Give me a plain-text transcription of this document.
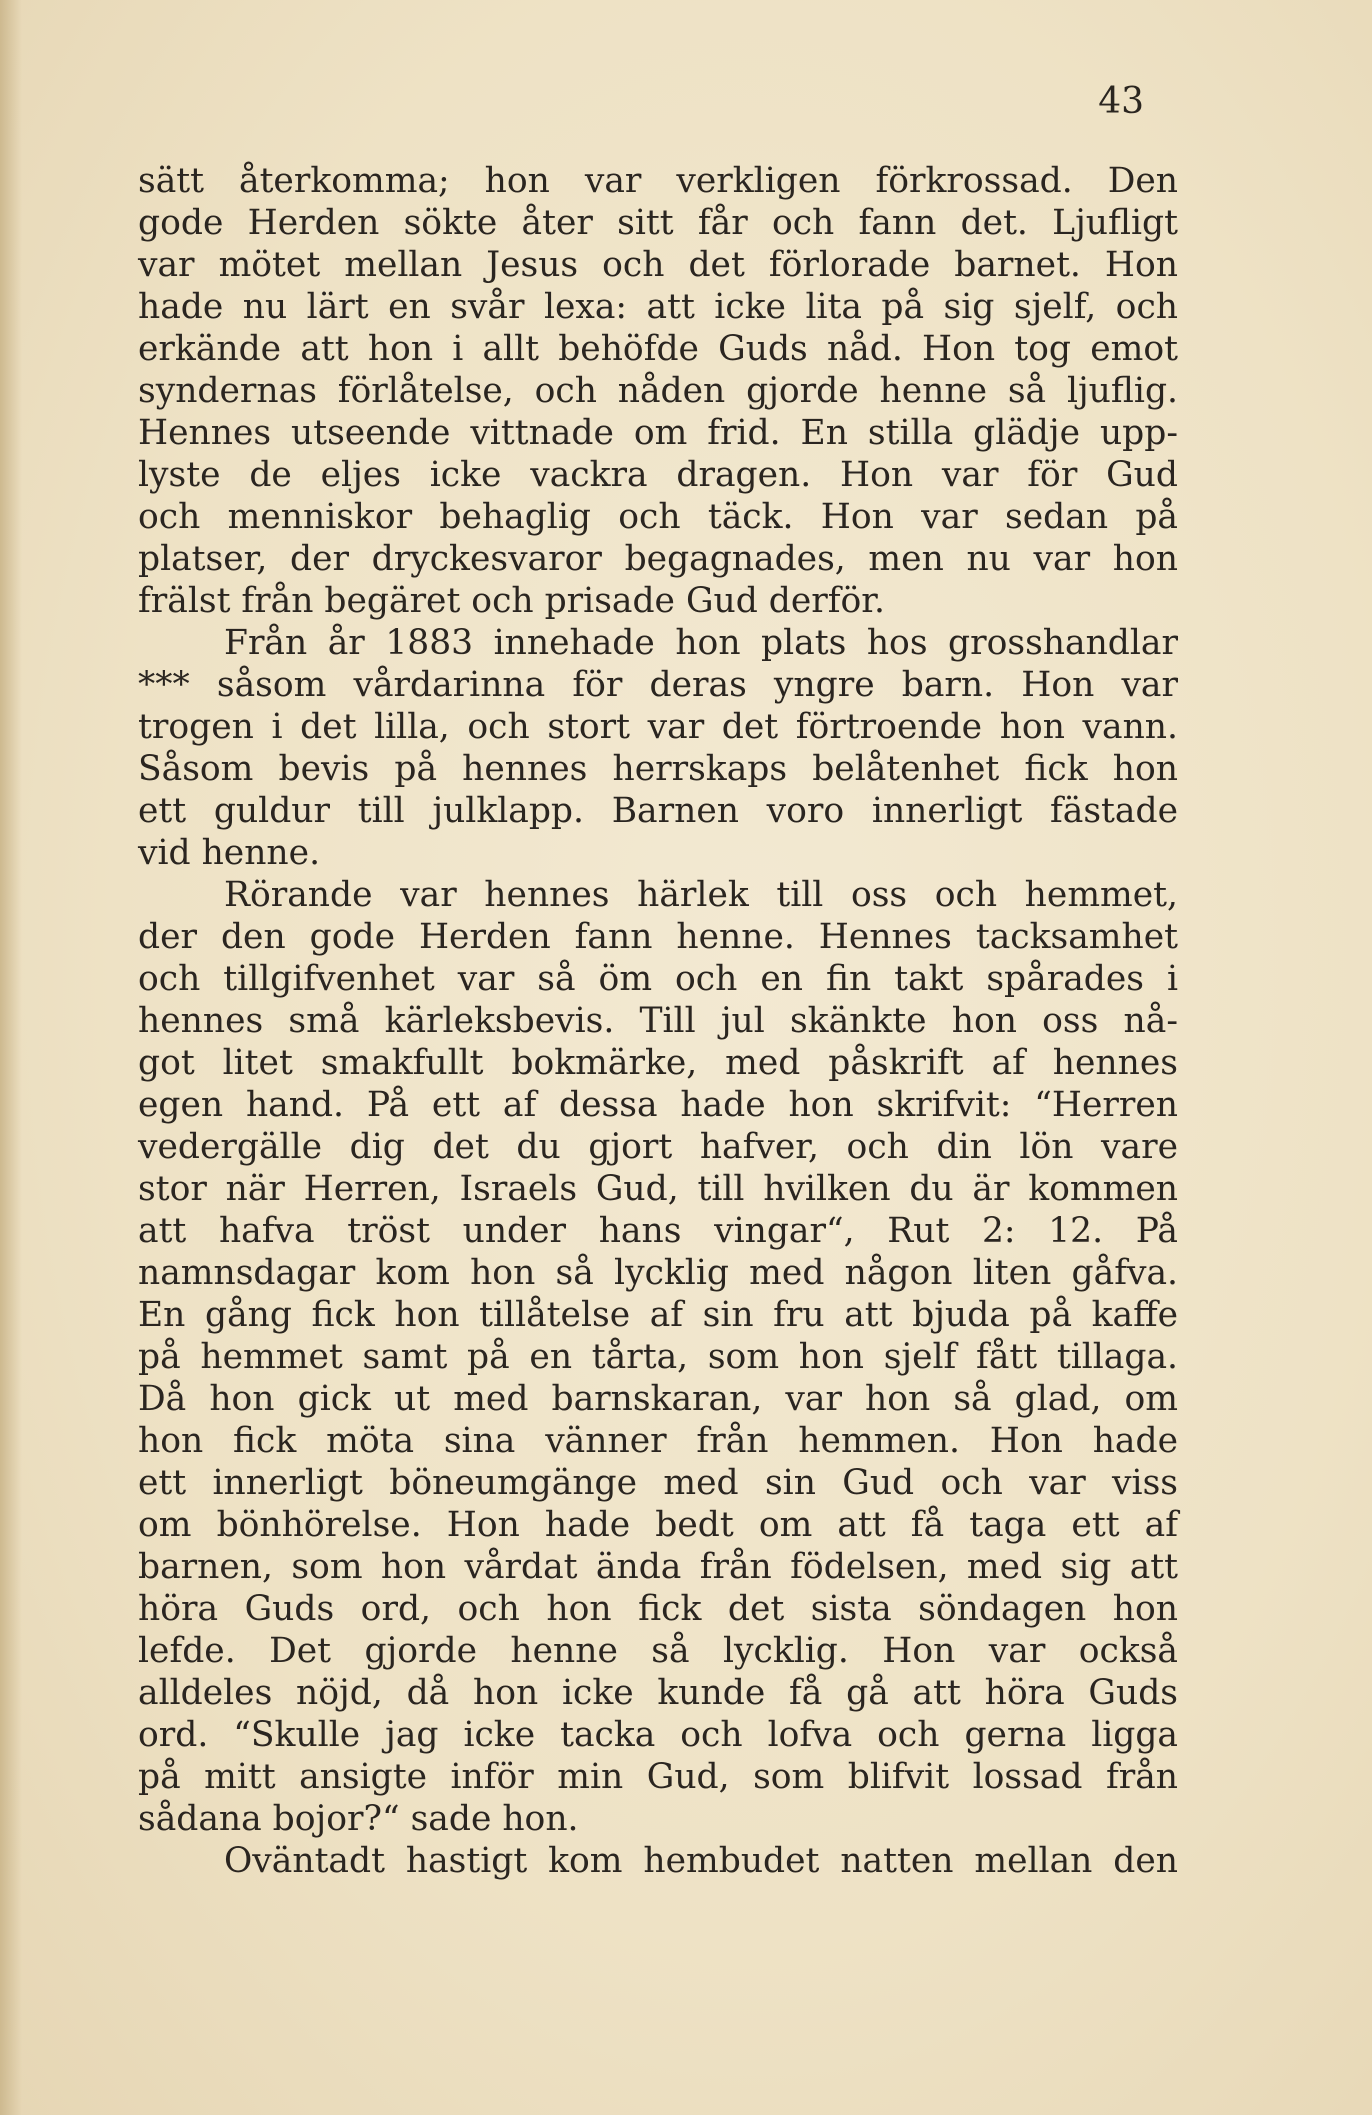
43

sätt återkomma; hon var verkligen förkrossad. Den

gode Herden sökte åter sitt får och fann det. Ljufligt

var mötet mellan Jesus och det förlorade barnet. Hon

hade nu lärt en svår lexa: att icke lita på sig sjelf, och

erkände att hon i allt behöfde Guds nåd. Hon tog emot

syndernas förlåtelse, och nåden gjorde henne så ljuflig.

Hennes utseende vittnade om frid. En stilla glädje upp-

lyste de eljes icke vackra dragen. Hon var för Gud

och menniskor behaglig och täck. Hon var sedan på

platser, der dryckesvaror begagnades, men nu var hon

frälst från begäret och prisade Gud derför.

Från år 1883 innehade hon plats hos grosshandlar

*** såsom vårdarinna för deras yngre barn. Hon var

trogen i det lilla, och stort var det förtroende hon vann.

Såsom bevis på hennes herrskaps belåtenhet fick hon

ett guldur till julklapp. Barnen voro innerligt fästade

vid henne.

Rörande var hennes härlek till oss och hemmet,

der den gode Herden fann henne. Hennes tacksamhet

och tillgifvenhet var så öm och en fin takt spårades i

hennes små kärleksbevis. Till jul skänkte hon oss nå-

got litet smakfullt bokmärke, med påskrift af hennes

egen hand. På ett af dessa hade hon skrifvit: “Herren

vedergälle dig det du gjort hafver, och din lön vare

stor när Herren, Israels Gud, till hvilken du är kommen

att hafva tröst under hans vingar“, Rut 2: 12. På

namnsdagar kom hon så lycklig med någon liten gåfva.

En gång fick hon tillåtelse af sin fru att bjuda på kaffe

på hemmet samt på en tårta, som hon sjelf fått tillaga.

Då hon gick ut med barnskaran, var hon så glad, om

hon fick möta sina vänner från hemmen. Hon hade

ett innerligt böneumgänge med sin Gud och var viss

om bönhörelse. Hon hade bedt om att få taga ett af

barnen, som hon vårdat ända från födelsen, med sig att

höra Guds ord, och hon fick det sista söndagen hon

lefde. Det gjorde henne så lycklig. Hon var också

alldeles nöjd, då hon icke kunde få gå att höra Guds

ord. “Skulle jag icke tacka och lofva och gerna ligga

på mitt ansigte inför min Gud, som blifvit lossad från

sådana bojor?“ sade hon.

Oväntadt hastigt kom hembudet natten mellan den
